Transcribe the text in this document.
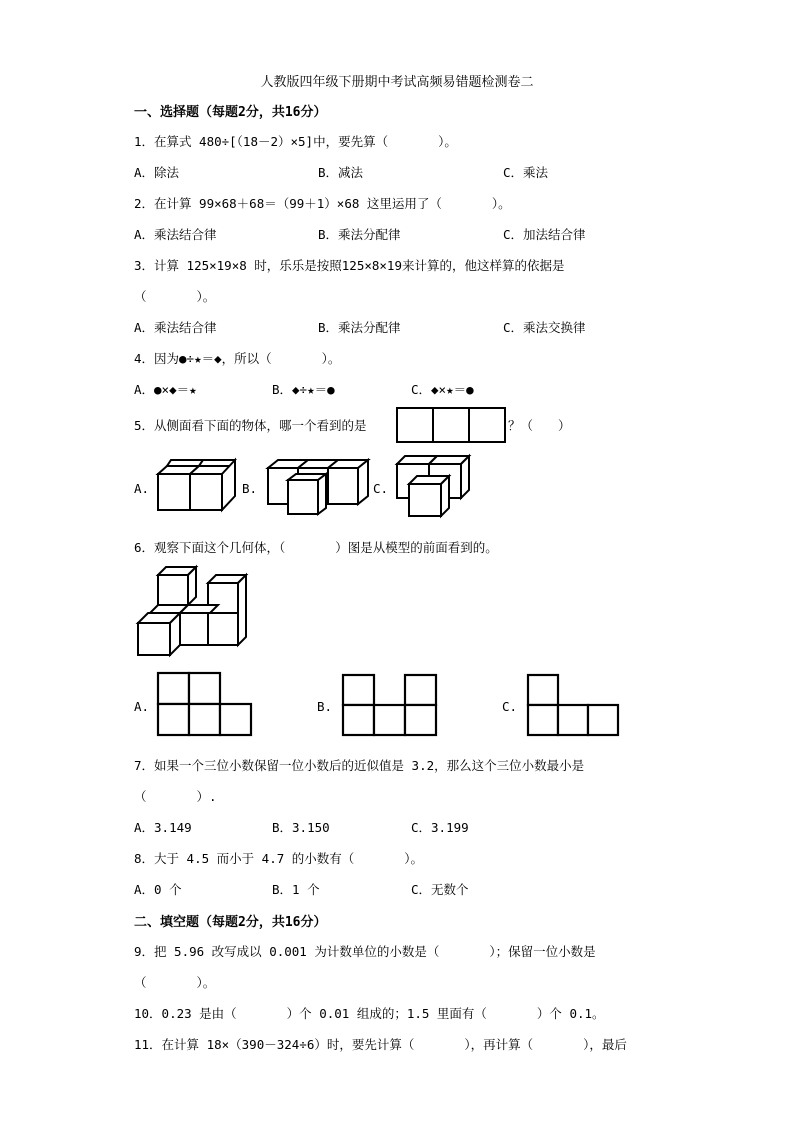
人教版四年级下册期中考试高频易错题检测卷二
一、选择题（每题2分，共16分）
1．在算式 480÷[（18－2）×5]中，要先算（　　　　）。
A．除法	B．减法	C．乘法
2．在计算 99×68＋68＝（99＋1）×68 这里运用了（　　　　）。
A．乘法结合律	B．乘法分配律	C．加法结合律
3．计算 125×19×8 时，乐乐是按照125×8×19来计算的，他这样算的依据是
（　　　　）。
A．乘法结合律	B．乘法分配律	C．乘法交换律
4．因为●÷★＝◆，所以（　　　　）。
A．●×◆＝★	B．◆÷★＝●	C．◆×★＝●
5．从侧面看下面的物体，哪一个看到的是	？（　　）
A.	B.	C.
6．观察下面这个几何体，（　　　　）图是从模型的前面看到的。
A.	B.	C.
7．如果一个三位小数保留一位小数后的近似值是 3.2，那么这个三位小数最小是
（　　　　）.
A．3.149	B．3.150	C．3.199
8．大于 4.5 而小于 4.7 的小数有（　　　　）。
A．0 个	B．1 个	C．无数个
二、填空题（每题2分，共16分）
9．把 5.96 改写成以 0.001 为计数单位的小数是（　　　　）；保留一位小数是
（　　　　）。
10．0.23 是由（　　　　）个 0.01 组成的；1.5 里面有（　　　　）个 0.1。
11．在计算 18×（390－324÷6）时，要先计算（　　　　），再计算（　　　　），最后
